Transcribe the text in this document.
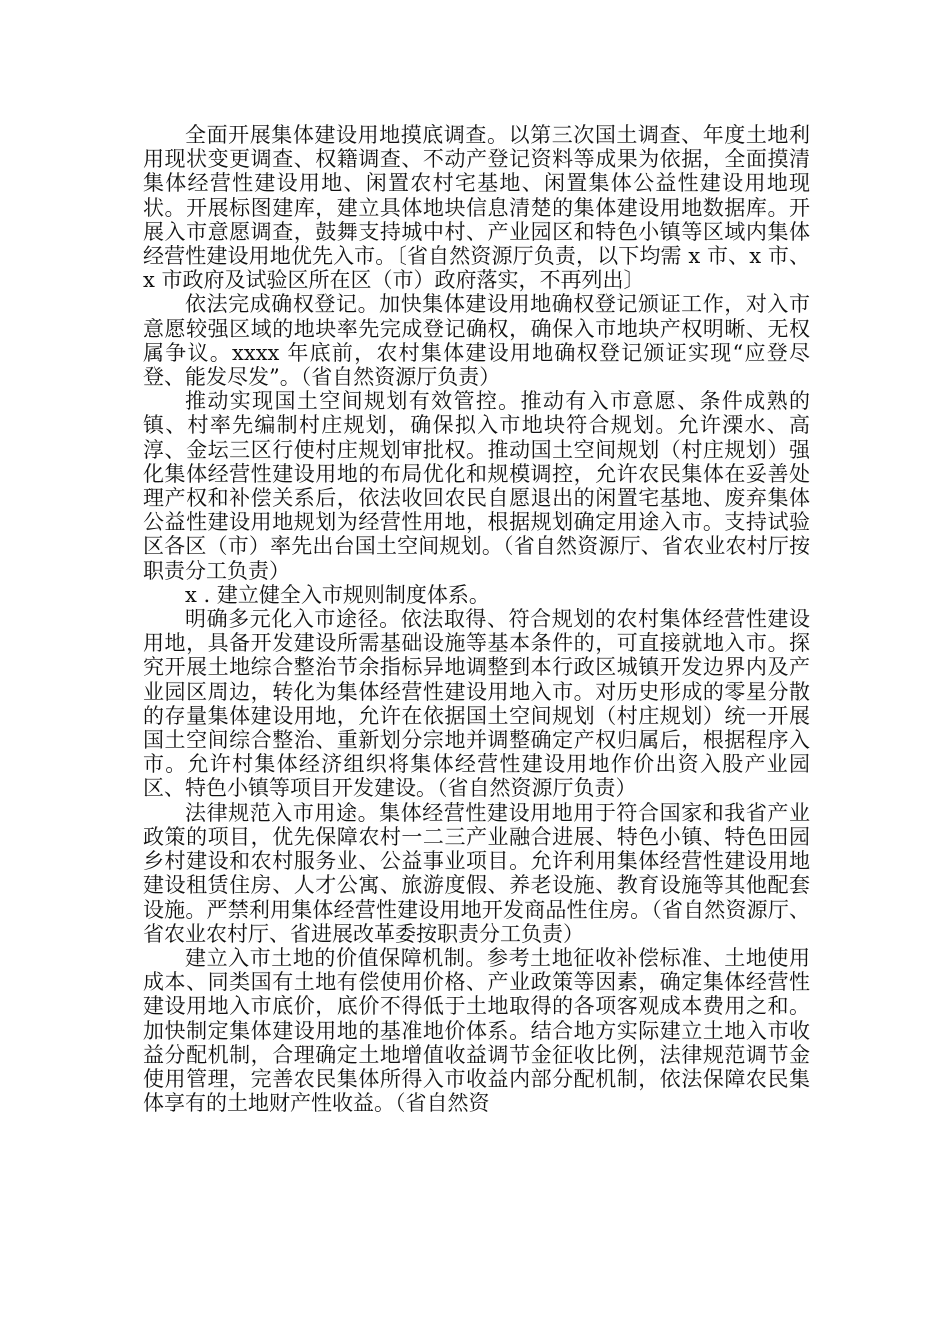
全面开展集体建设用地摸底调查。以第三次国土调查、年度土地利用现状变更调查、权籍调查、不动产登记资料等成果为依据，全面摸清集体经营性建设用地、闲置农村宅基地、闲置集体公益性建设用地现状。开展标图建库，建立具体地块信息清楚的集体建设用地数据库。开展入市意愿调查，鼓舞支持城中村、产业园区和特色小镇等区域内集体经营性建设用地优先入市。〔省自然资源厅负责，以下均需 x 市、x 市、x 市政府及试验区所在区（市）政府落实，不再列出〕

依法完成确权登记。加快集体建设用地确权登记颁证工作，对入市意愿较强区域的地块率先完成登记确权，确保入市地块产权明晰、无权属争议。xxxx 年底前，农村集体建设用地确权登记颁证实现“应登尽登、能发尽发”。（省自然资源厅负责）

推动实现国土空间规划有效管控。推动有入市意愿、条件成熟的镇、村率先编制村庄规划，确保拟入市地块符合规划。允许溧水、高淳、金坛三区行使村庄规划审批权。推动国土空间规划（村庄规划）强化集体经营性建设用地的布局优化和规模调控，允许农民集体在妥善处理产权和补偿关系后，依法收回农民自愿退出的闲置宅基地、废弃集体公益性建设用地规划为经营性用地，根据规划确定用途入市。支持试验区各区（市）率先出台国土空间规划。（省自然资源厅、省农业农村厅按职责分工负责）

x . 建立健全入市规则制度体系。

明确多元化入市途径。依法取得、符合规划的农村集体经营性建设用地，具备开发建设所需基础设施等基本条件的，可直接就地入市。探究开展土地综合整治节余指标异地调整到本行政区城镇开发边界内及产业园区周边，转化为集体经营性建设用地入市。对历史形成的零星分散的存量集体建设用地，允许在依据国土空间规划（村庄规划）统一开展国土空间综合整治、重新划分宗地并调整确定产权归属后，根据程序入市。允许村集体经济组织将集体经营性建设用地作价出资入股产业园区、特色小镇等项目开发建设。（省自然资源厅负责）

法律规范入市用途。集体经营性建设用地用于符合国家和我省产业政策的项目，优先保障农村一二三产业融合进展、特色小镇、特色田园乡村建设和农村服务业、公益事业项目。允许利用集体经营性建设用地建设租赁住房、人才公寓、旅游度假、养老设施、教育设施等其他配套设施。严禁利用集体经营性建设用地开发商品性住房。（省自然资源厅、省农业农村厅、省进展改革委按职责分工负责）

建立入市土地的价值保障机制。参考土地征收补偿标准、土地使用成本、同类国有土地有偿使用价格、产业政策等因素，确定集体经营性建设用地入市底价，底价不得低于土地取得的各项客观成本费用之和。加快制定集体建设用地的基准地价体系。结合地方实际建立土地入市收益分配机制，合理确定土地增值收益调节金征收比例，法律规范调节金使用管理，完善农民集体所得入市收益内部分配机制，依法保障农民集体享有的土地财产性收益。（省自然资
